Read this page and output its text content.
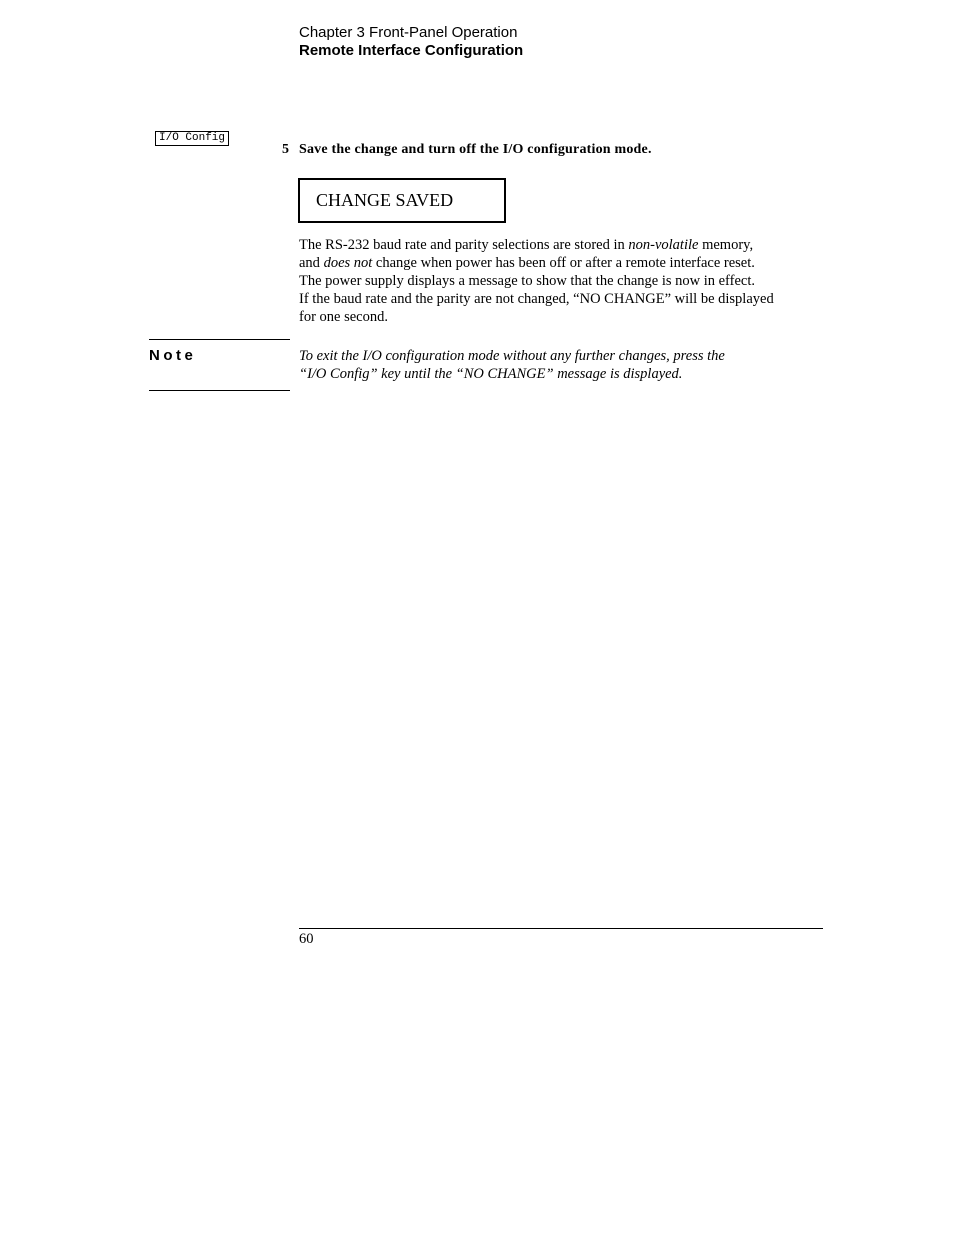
Chapter 3 Front-Panel Operation
Remote Interface Configuration
I/O Config
5 Save the change and turn off the I/O configuration mode.
CHANGE SAVED

The RS-232 baud rate and parity selections are stored in non-volatile memory,

and does not change when power has been off or after a remote interface reset.

The power supply displays a message to show that the change is now in effect.

If the baud rate and the parity are not changed, “NO CHANGE” will be displayed

for one second.

Note	To exit the I/O configuration mode without any further changes, press the

“I/O Config” key until the “NO CHANGE” message is displayed.

60
